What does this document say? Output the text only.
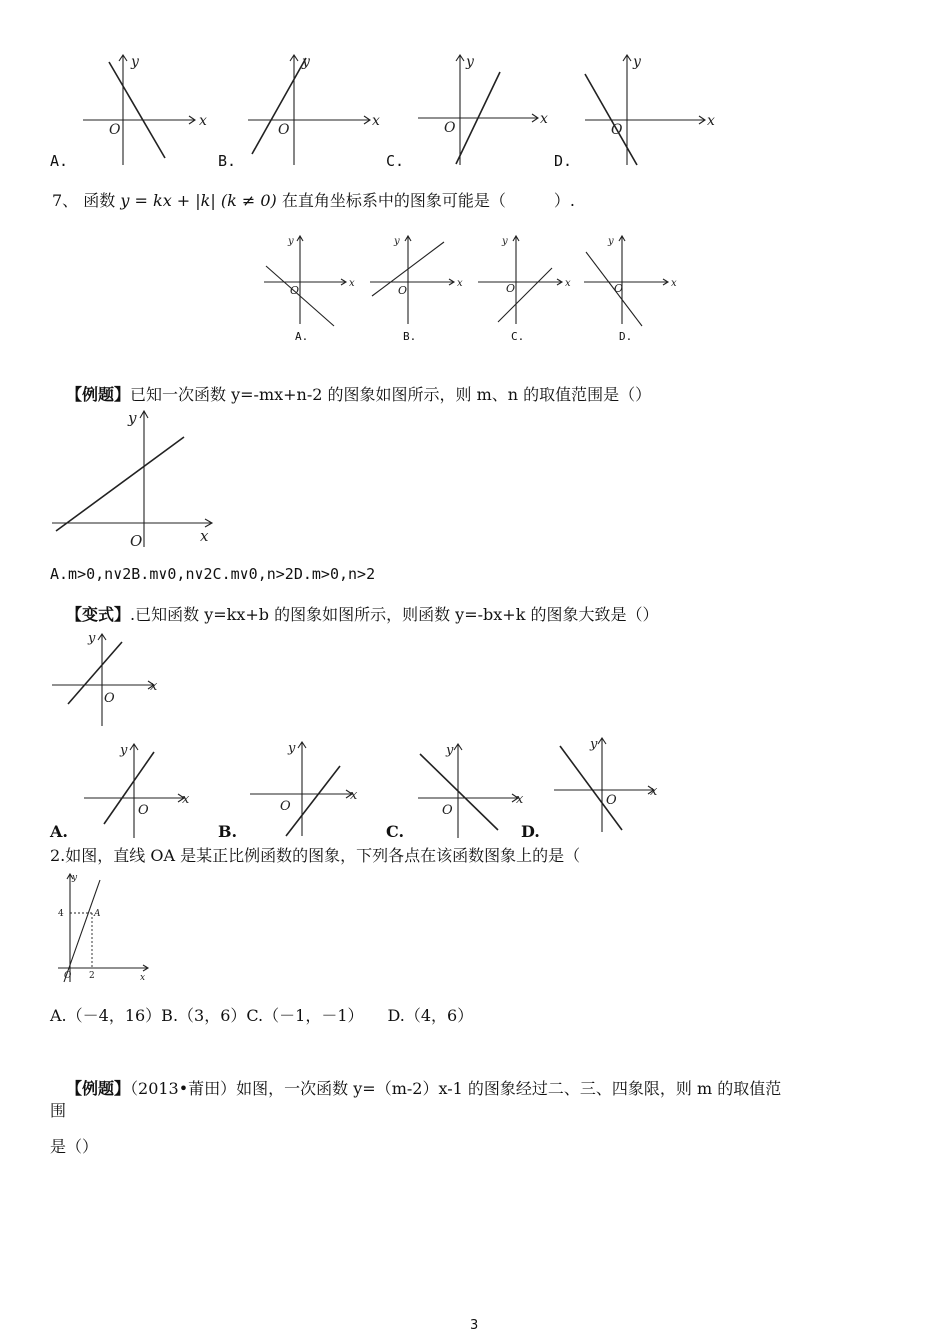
y
x
O
y
x
O
y
x
O
y
x
O
A.	B.	C.	D.
7、 函数 y = kx + |k| (k ≠ 0) 在直角坐标系中的图象可能是（　　　）.
y
x
O
y
x
O
y
x
O
y
x
O
A.	B.	C.	D.
【例题】已知一次函数 y=-mx+n-2 的图象如图所示，则 m、n 的取值范围是（）
y
x
O
A.m>0,n∨2B.m∨0,n∨2C.m∨0,n>2D.m>0,n>2
【变式】.已知函数 y=kx+b 的图象如图所示，则函数 y=-bx+k 的图象大致是（）
y
x
O
y
x
O
y
x
O
y
x
O
y
x
O
A.	B.	C.	D.
2.如图，直线 OA 是某正比例函数的图象，下列各点在该函数图象上的是（
y
x
A
4
2
O
A.（－4，16）B.（3，6）C.（－1，－1）　　D.（4，6）
【例题】（2013•莆田）如图，一次函数 y=（m-2）x-1 的图象经过二、三、四象限，则 m 的取值范
围
是（）
3
